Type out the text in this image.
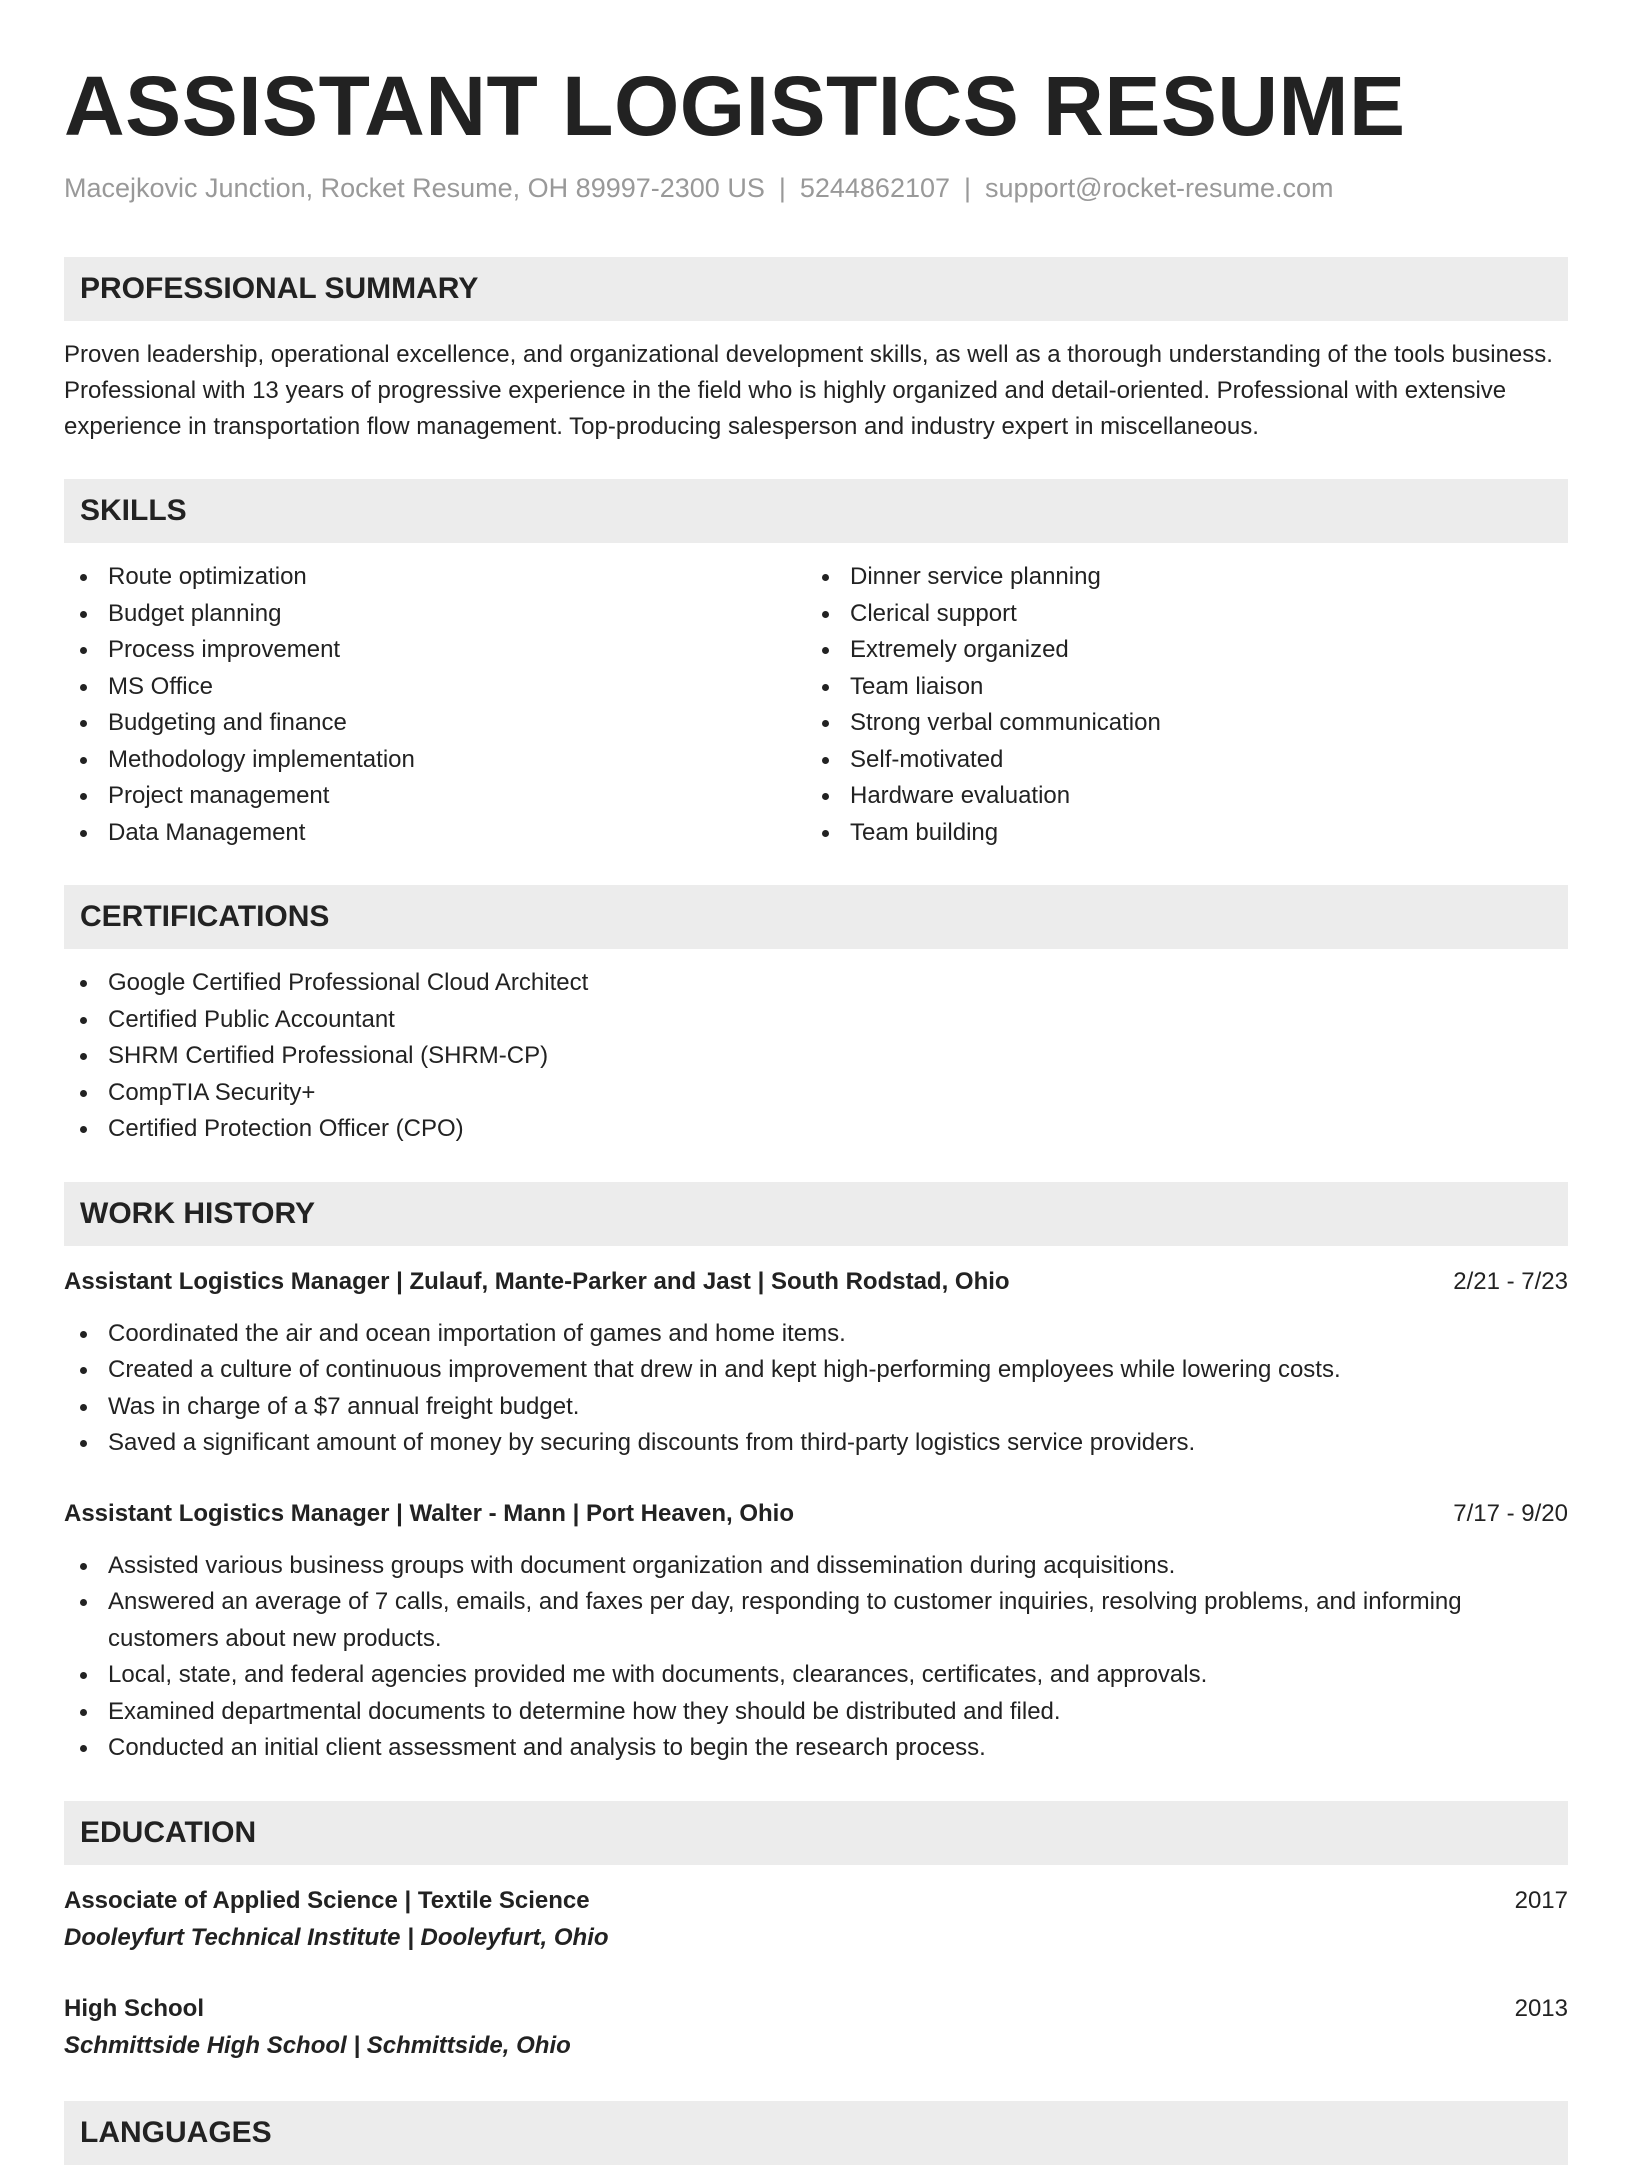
ASSISTANT LOGISTICS RESUME
Macejkovic Junction, Rocket Resume, OH 89997-2300 US | 5244862107 | support@rocket-resume.com
PROFESSIONAL SUMMARY

Proven leadership, operational excellence, and organizational development skills, as well as a thorough understanding of the tools business. Professional with 13 years of progressive experience in the field who is highly organized and detail-oriented. Professional with extensive experience in transportation flow management. Top-producing salesperson and industry expert in miscellaneous.

SKILLS
Route optimization
Budget planning
Process improvement
MS Office
Budgeting and finance
Methodology implementation
Project management
Data Management
Dinner service planning
Clerical support
Extremely organized
Team liaison
Strong verbal communication
Self-motivated
Hardware evaluation
Team building
CERTIFICATIONS
Google Certified Professional Cloud Architect
Certified Public Accountant
SHRM Certified Professional (SHRM-CP)
CompTIA Security+
Certified Protection Officer (CPO)
WORK HISTORY
Assistant Logistics Manager | Zulauf, Mante-Parker and Jast | South Rodstad, Ohio	2/21 - 7/23
Coordinated the air and ocean importation of games and home items.
Created a culture of continuous improvement that drew in and kept high-performing employees while lowering costs.
Was in charge of a $7 annual freight budget.
Saved a significant amount of money by securing discounts from third-party logistics service providers.
Assistant Logistics Manager | Walter - Mann | Port Heaven, Ohio	7/17 - 9/20
Assisted various business groups with document organization and dissemination during acquisitions.
Answered an average of 7 calls, emails, and faxes per day, responding to customer inquiries, resolving problems, and informing customers about new products.
Local, state, and federal agencies provided me with documents, clearances, certificates, and approvals.
Examined departmental documents to determine how they should be distributed and filed.
Conducted an initial client assessment and analysis to begin the research process.
EDUCATION
Associate of Applied Science | Textile Science	2017
Dooleyfurt Technical Institute | Dooleyfurt, Ohio
High School	2013
Schmittside High School | Schmittside, Ohio
LANGUAGES
